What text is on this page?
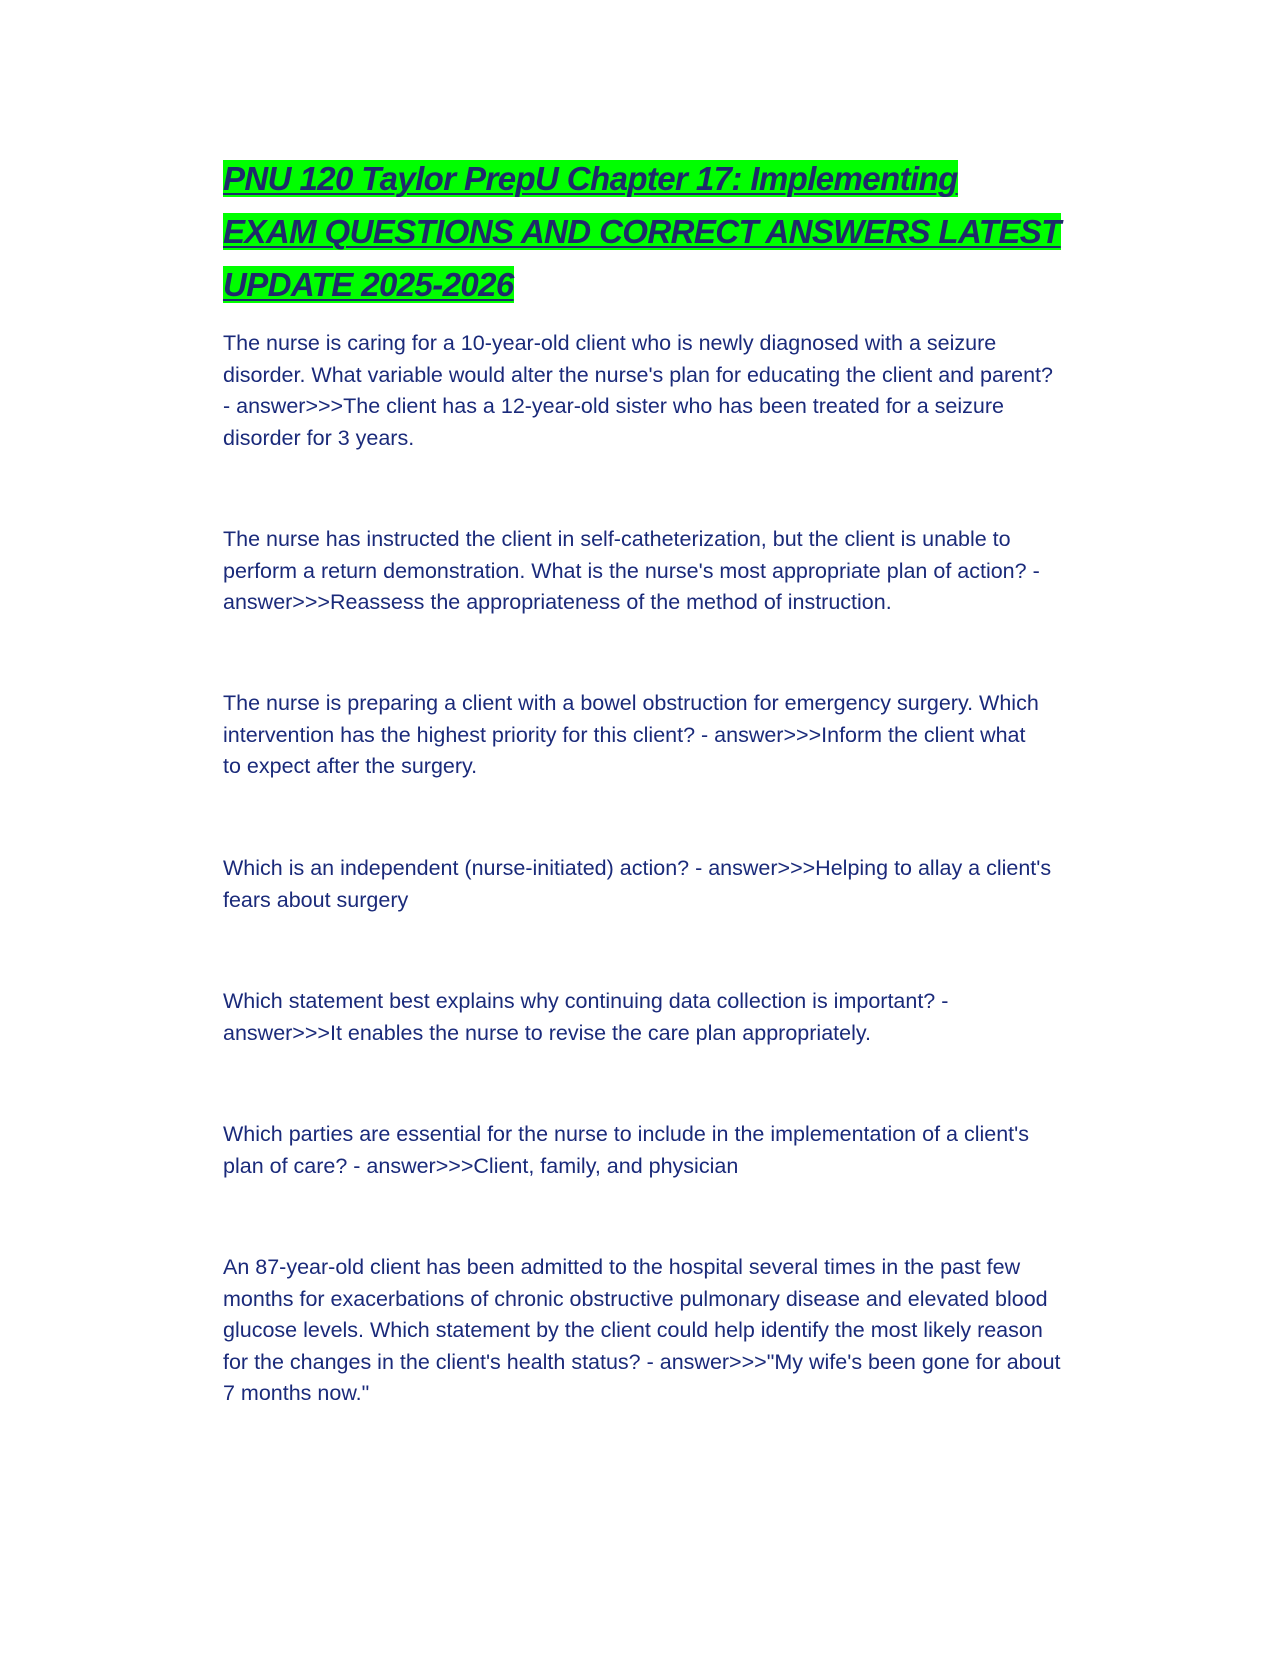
PNU 120 Taylor PrepU Chapter 17: Implementing
EXAM QUESTIONS AND CORRECT ANSWERS LATEST
UPDATE 2025-2026

The nurse is caring for a 10-year-old client who is newly diagnosed with a seizure
disorder. What variable would alter the nurse's plan for educating the client and parent?
- answer>>>The client has a 12-year-old sister who has been treated for a seizure
disorder for 3 years.

The nurse has instructed the client in self-catheterization, but the client is unable to
perform a return demonstration. What is the nurse's most appropriate plan of action? -
answer>>>Reassess the appropriateness of the method of instruction.

The nurse is preparing a client with a bowel obstruction for emergency surgery. Which
intervention has the highest priority for this client? - answer>>>Inform the client what
to expect after the surgery.

Which is an independent (nurse-initiated) action? - answer>>>Helping to allay a client's
fears about surgery

Which statement best explains why continuing data collection is important? -
answer>>>It enables the nurse to revise the care plan appropriately.

Which parties are essential for the nurse to include in the implementation of a client's
plan of care? - answer>>>Client, family, and physician

An 87-year-old client has been admitted to the hospital several times in the past few
months for exacerbations of chronic obstructive pulmonary disease and elevated blood
glucose levels. Which statement by the client could help identify the most likely reason
for the changes in the client's health status? - answer>>>"My wife's been gone for about
7 months now."
